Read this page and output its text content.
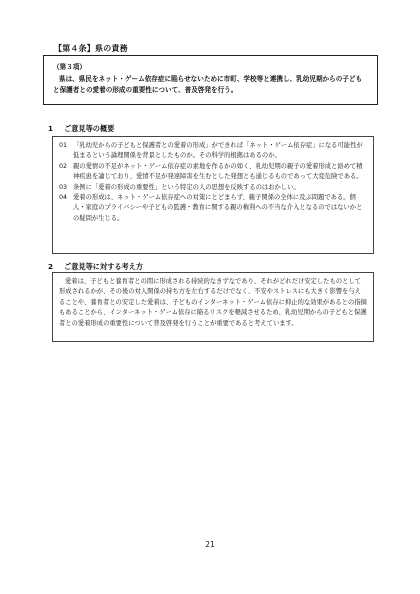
【第４条】県の責務
（第３項）
県は、県民をネット・ゲーム依存症に陥らせないために市町、学校等と連携し、乳幼児期からの子どもと保護者との愛着の形成の重要性について、普及啓発を行う。
1 ご意見等の概要
01 「乳幼児からの子どもと保護者との愛着の形成」ができれば「ネット・ゲーム依存症」になる可能性が低まるという論理関係を背景としたものか。その科学的根拠はあるのか。
02 親の愛情の不足がネット・ゲーム依存症の素地を作るかの如く、乳幼児期の親子の愛着形成と絡めて精神疾患を論じており、愛情不足が発達障害を生むとした発想とも通じるものであって大変危険である。
03 条例に「愛着の形成の重要性」という特定の人の思想を反映するのはおかしい。
04 愛着の形成は、ネット・ゲーム依存症への対策にとどまらず、親子関係の全体に及ぶ問題である。個人・家庭のプライバシーや子どもの監護・教育に関する親の権利への不当な介入となるのではないかとの疑問が生じる。
2 ご意見等に対する考え方
愛着は、子どもと養育者との間に形成される持続的なきずなであり、それがどれだけ安定したものとして形成されるかが、その後の対人関係の持ち方を左右するだけでなく、不安やストレスにも大きく影響を与えることや、養育者との安定した愛着は、子どものインターネット・ゲーム依存に抑止的な効果があるとの指摘もあることから、インターネット・ゲーム依存に陥るリスクを軽減させるため、乳幼児期からの子どもと保護者との愛着形成の重要性について普及啓発を行うことが重要であると考えています。
21
